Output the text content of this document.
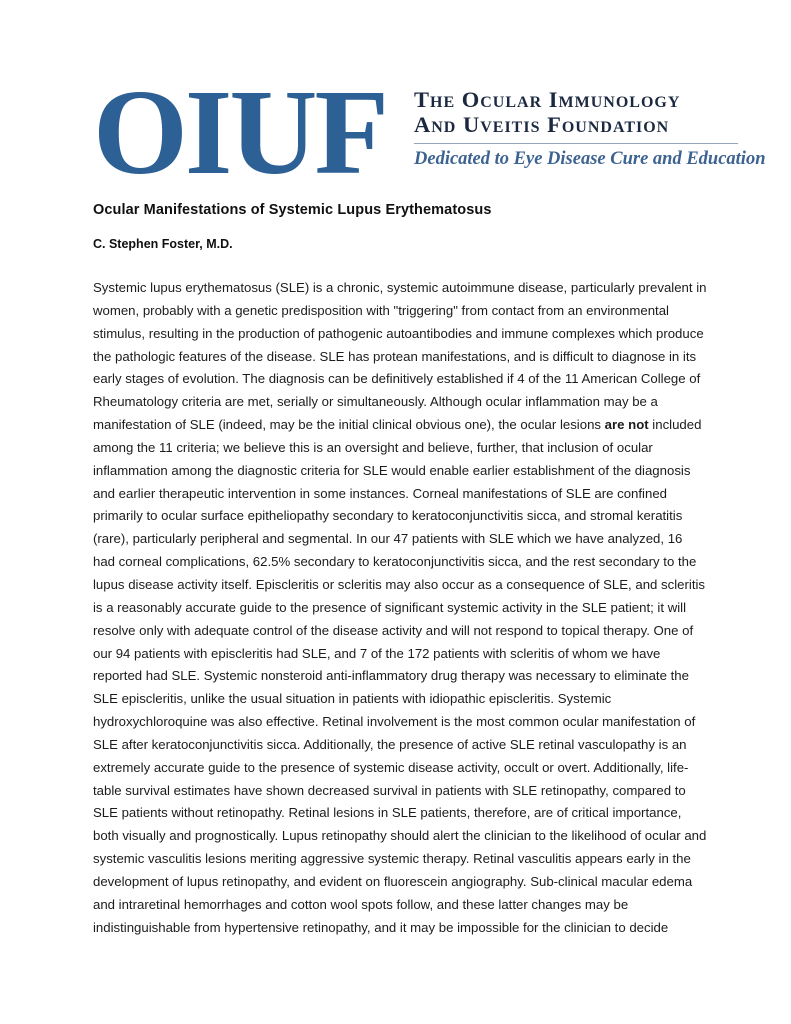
OIUF The Ocular Immunology
And Uveitis Foundation
Dedicated to Eye Disease Cure and Education
Ocular Manifestations of Systemic Lupus Erythematosus
C. Stephen Foster, M.D.

Systemic lupus erythematosus (SLE) is a chronic, systemic autoimmune disease, particularly prevalent in women, probably with a genetic predisposition with "triggering" from contact from an environmental stimulus, resulting in the production of pathogenic autoantibodies and immune complexes which produce the pathologic features of the disease. SLE has protean manifestations, and is difficult to diagnose in its early stages of evolution. The diagnosis can be definitively established if 4 of the 11 American College of Rheumatology criteria are met, serially or simultaneously. Although ocular inflammation may be a manifestation of SLE (indeed, may be the initial clinical obvious one), the ocular lesions are not included among the 11 criteria; we believe this is an oversight and believe, further, that inclusion of ocular inflammation among the diagnostic criteria for SLE would enable earlier establishment of the diagnosis and earlier therapeutic intervention in some instances. Corneal manifestations of SLE are confined primarily to ocular surface epitheliopathy secondary to keratoconjunctivitis sicca, and stromal keratitis (rare), particularly peripheral and segmental. In our 47 patients with SLE which we have analyzed, 16 had corneal complications, 62.5% secondary to keratoconjunctivitis sicca, and the rest secondary to the lupus disease activity itself. Episcleritis or scleritis may also occur as a consequence of SLE, and scleritis is a reasonably accurate guide to the presence of significant systemic activity in the SLE patient; it will resolve only with adequate control of the disease activity and will not respond to topical therapy. One of our 94 patients with episcleritis had SLE, and 7 of the 172 patients with scleritis of whom we have reported had SLE. Systemic nonsteroid anti-inflammatory drug therapy was necessary to eliminate the SLE episcleritis, unlike the usual situation in patients with idiopathic episcleritis. Systemic hydroxychloroquine was also effective. Retinal involvement is the most common ocular manifestation of SLE after keratoconjunctivitis sicca. Additionally, the presence of active SLE retinal vasculopathy is an extremely accurate guide to the presence of systemic disease activity, occult or overt. Additionally, life-table survival estimates have shown decreased survival in patients with SLE retinopathy, compared to SLE patients without retinopathy. Retinal lesions in SLE patients, therefore, are of critical importance, both visually and prognostically. Lupus retinopathy should alert the clinician to the likelihood of ocular and systemic vasculitis lesions meriting aggressive systemic therapy. Retinal vasculitis appears early in the development of lupus retinopathy, and evident on fluorescein angiography. Sub-clinical macular edema and intraretinal hemorrhages and cotton wool spots follow, and these latter changes may be indistinguishable from hypertensive retinopathy, and it may be impossible for the clinician to decide
